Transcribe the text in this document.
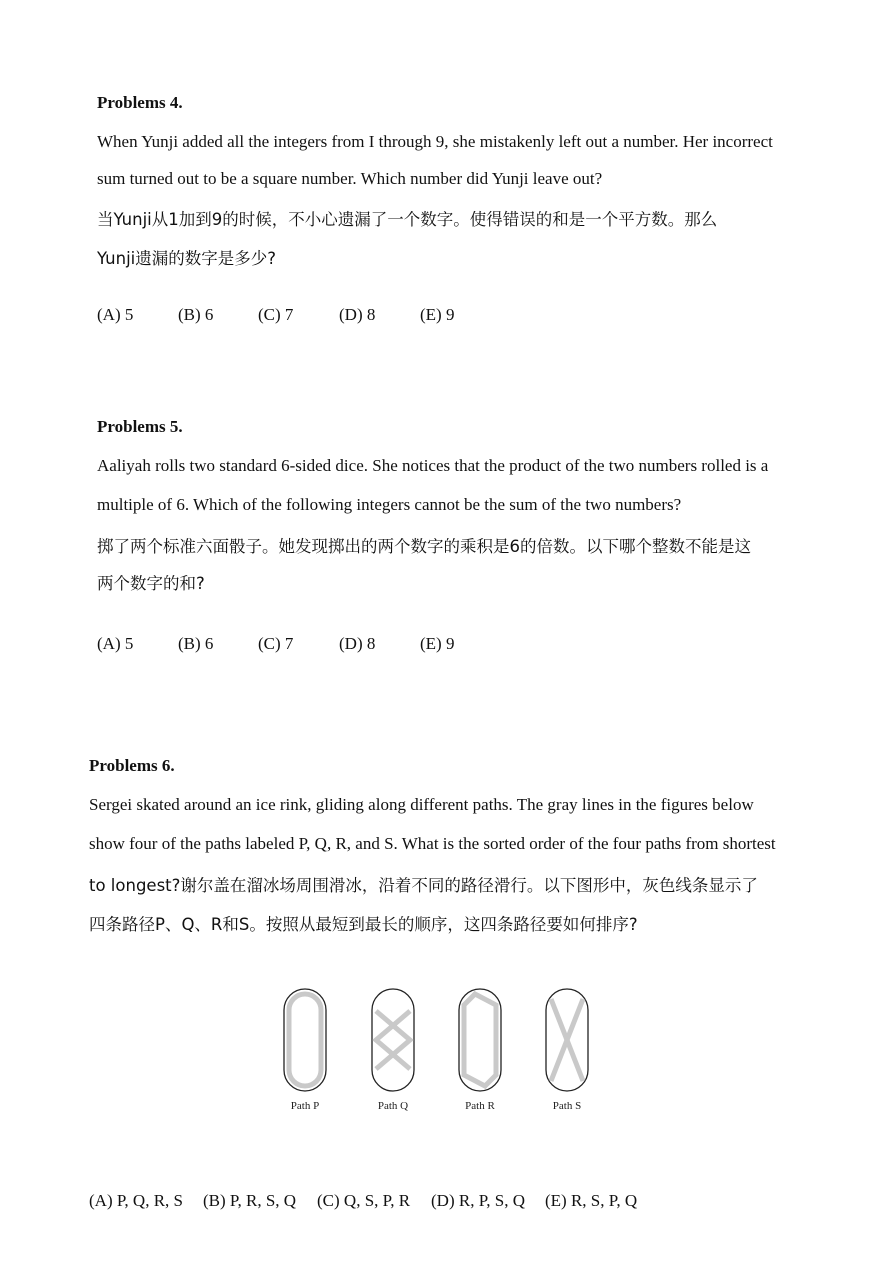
Problems 4.
When Yunji added all the integers from I through 9, she mistakenly left out a number. Her incorrect
sum turned out to be a square number. Which number did Yunji leave out?
当Yunji从1加到9的时候，不小心遗漏了一个数字。使得错误的和是一个平方数。那么
Yunji遗漏的数字是多少?
(A) 5	(B) 6	(C) 7	(D) 8	(E) 9
Problems 5.
Aaliyah rolls two standard 6-sided dice. She notices that the product of the two numbers rolled is a
multiple of 6. Which of the following integers cannot be the sum of the two numbers?
掷了两个标准六面骰子。她发现掷出的两个数字的乘积是6的倍数。以下哪个整数不能是这
两个数字的和?
(A) 5	(B) 6	(C) 7	(D) 8	(E) 9
Problems 6.
Sergei skated around an ice rink, gliding along different paths. The gray lines in the figures below
show four of the paths labeled P, Q, R, and S. What is the sorted order of the four paths from shortest
to longest?谢尔盖在溜冰场周围滑冰，沿着不同的路径滑行。以下图形中，灰色线条显示了
四条路径P、Q、R和S。按照从最短到最长的顺序，这四条路径要如何排序?
Path P	Path Q	Path R	Path S
(A) P, Q, R, S (B) P, R, S, Q (C) Q, S, P, R (D) R, P, S, Q (E) R, S, P, Q
